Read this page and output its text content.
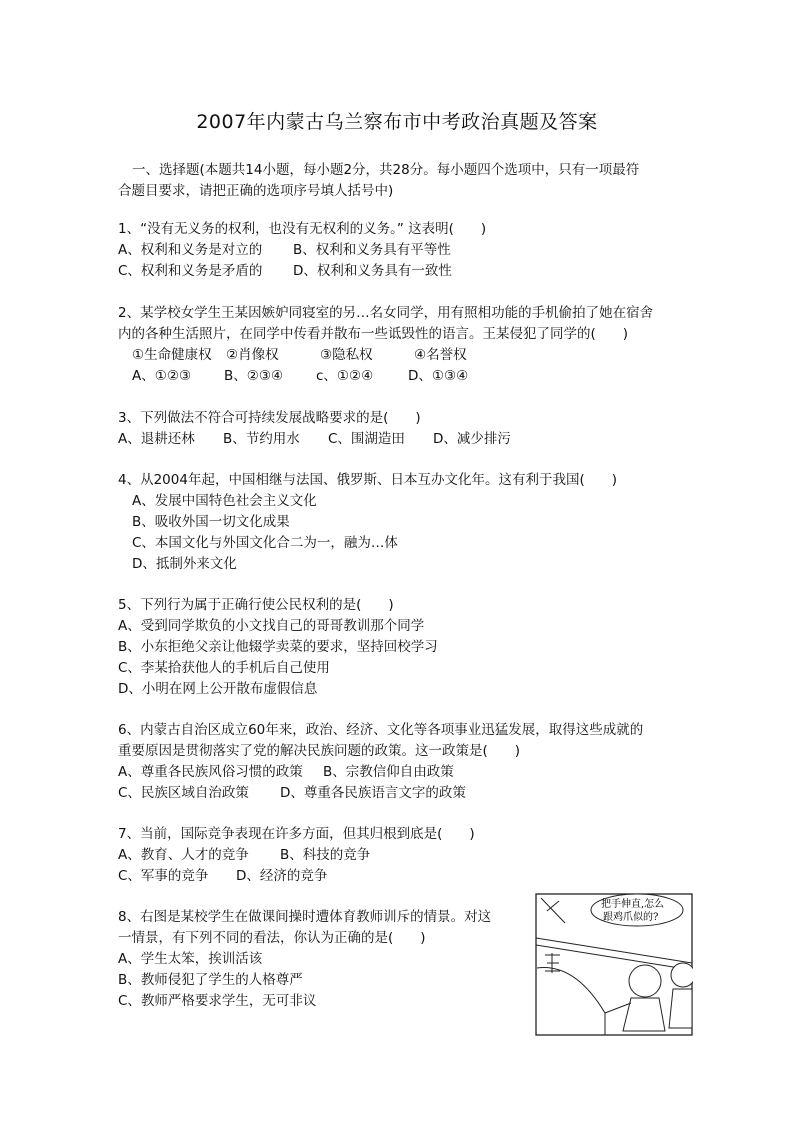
2007年内蒙古乌兰察布市中考政治真题及答案
一、选择题(本题共14小题，每小题2分，共28分。每小题四个选项中，只有一项最符
合题目要求，请把正确的选项序号填人括号中)
1、“没有无义务的权利，也没有无权利的义务。” 这表明(　　)
A、权利和义务是对立的	B、权利和义务具有平等性
C、权利和义务是矛盾的	D、权利和义务具有一致性
2、某学校女学生王某因嫉妒同寝室的另…名女同学，用有照相功能的手机偷拍了她在宿舍
内的各种生活照片，在同学中传看并散布一些诋毁性的语言。王某侵犯了同学的(　　)
①生命健康权	②肖像权	③隐私权	④名誉权
A、①②③	B、②③④	c、①②④	D、①③④
3、下列做法不符合可持续发展战略要求的是(　　)
A、退耕还林	B、节约用水	C、围湖造田	D、减少排污
4、从2004年起，中国相继与法国、俄罗斯、日本互办文化年。这有利于我国(　　)
A、发展中国特色社会主义文化
B、吸收外国一切文化成果
C、本国文化与外国文化合二为一，融为…体
D、抵制外来文化
5、下列行为属于正确行使公民权利的是(　　)
A、受到同学欺负的小文找自己的哥哥教训那个同学
B、小东拒绝父亲让他辍学卖菜的要求，坚持回校学习
C、李某拾获他人的手机后自己使用
D、小明在网上公开散布虚假信息
6、内蒙古自治区成立60年来，政治、经济、文化等各项事业迅猛发展，取得这些成就的
重要原因是贯彻落实了党的解决民族问题的政策。这一政策是(　　)
A、尊重各民族风俗习惯的政策	B、宗教信仰自由政策
C、民族区域自治政策	D、尊重各民族语言文字的政策
7、当前，国际竞争表现在许多方面，但其归根到底是(　　)
A、教育、人才的竞争	B、科技的竞争
C、军事的竞争	D、经济的竞争
8、右图是某校学生在做课间操时遭体育教师训斥的情景。对这
一情景，有下列不同的看法，你认为正确的是(　　)
A、学生太笨，挨训活该
B、教师侵犯了学生的人格尊严
C、教师严格要求学生，无可非议
把手伸直,怎么
跟鸡爪似的?
